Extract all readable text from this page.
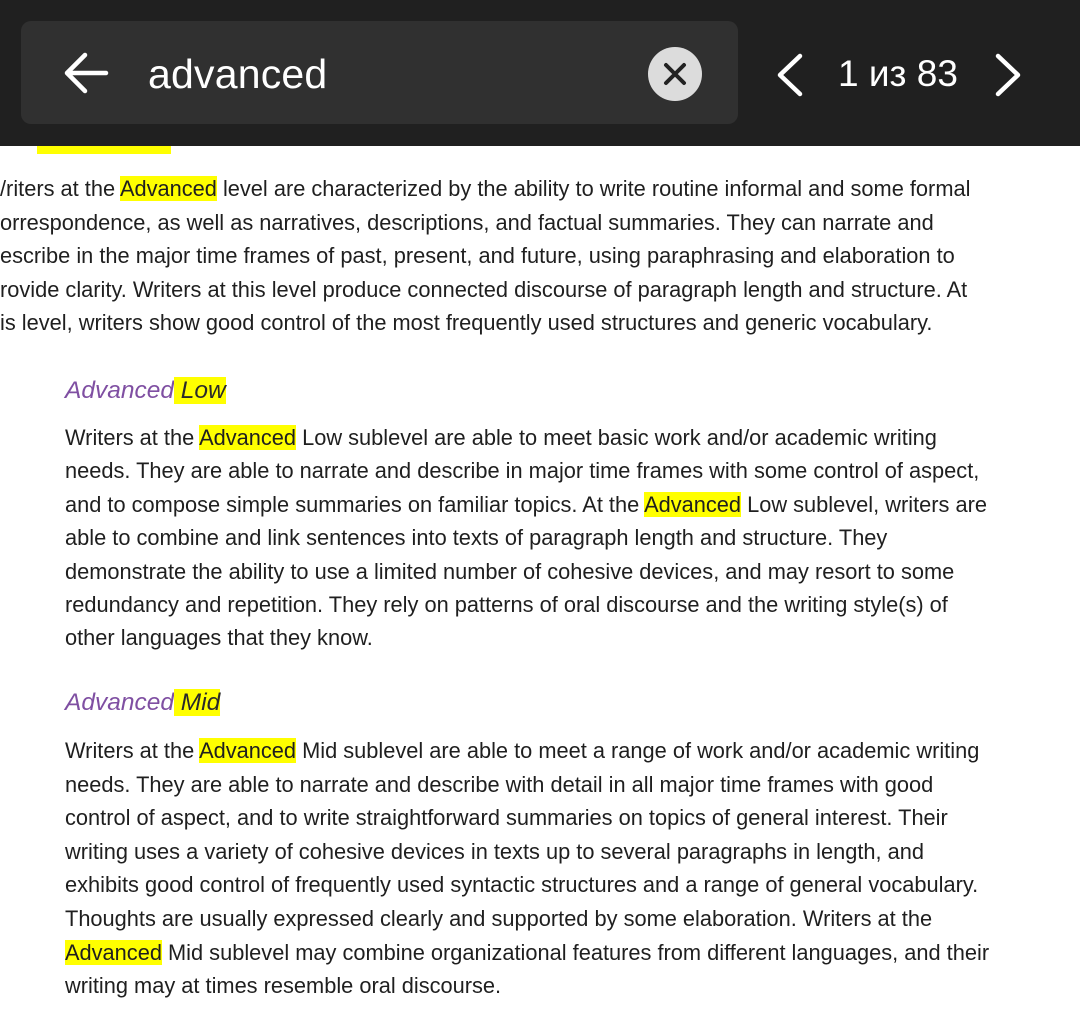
advanced	1 из 83
/riters at the Advanced level are characterized by the ability to write routine informal and some formal
orrespondence, as well as narratives, descriptions, and factual summaries. They can narrate and
escribe in the major time frames of past, present, and future, using paraphrasing and elaboration to
rovide clarity. Writers at this level produce connected discourse of paragraph length and structure. At
is level, writers show good control of the most frequently used structures and generic vocabulary.
Advanced Low
Writers at the Advanced Low sublevel are able to meet basic work and/or academic writing
needs. They are able to narrate and describe in major time frames with some control of aspect,
and to compose simple summaries on familiar topics. At the Advanced Low sublevel, writers are
able to combine and link sentences into texts of paragraph length and structure. They
demonstrate the ability to use a limited number of cohesive devices, and may resort to some
redundancy and repetition. They rely on patterns of oral discourse and the writing style(s) of
other languages that they know.
Advanced Mid
Writers at the Advanced Mid sublevel are able to meet a range of work and/or academic writing
needs. They are able to narrate and describe with detail in all major time frames with good
control of aspect, and to write straightforward summaries on topics of general interest. Their
writing uses a variety of cohesive devices in texts up to several paragraphs in length, and
exhibits good control of frequently used syntactic structures and a range of general vocabulary.
Thoughts are usually expressed clearly and supported by some elaboration. Writers at the
Advanced Mid sublevel may combine organizational features from different languages, and their
writing may at times resemble oral discourse.
